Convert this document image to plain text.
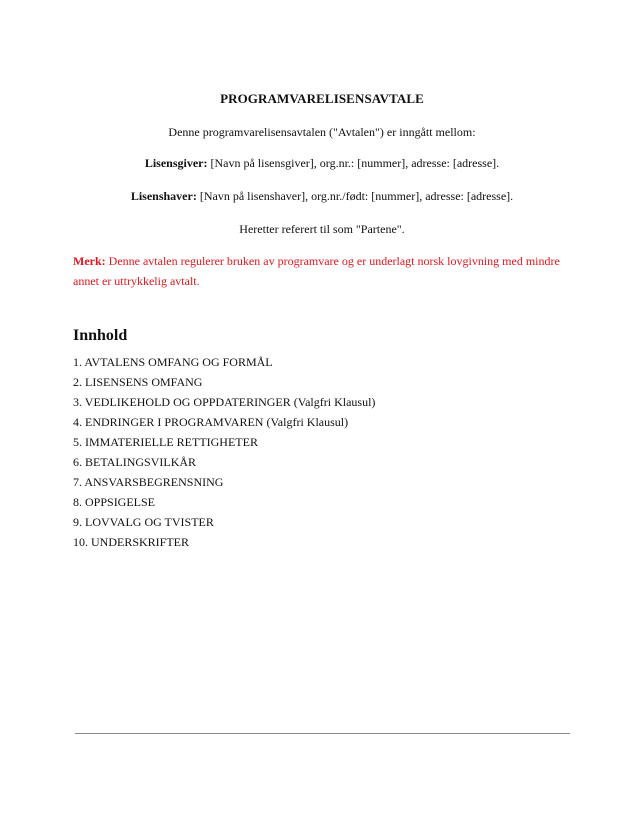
PROGRAMVARELISENSAVTALE
Denne programvarelisensavtalen ("Avtalen") er inngått mellom:
Lisensgiver: [Navn på lisensgiver], org.nr.: [nummer], adresse: [adresse].
Lisenshaver: [Navn på lisenshaver], org.nr./født: [nummer], adresse: [adresse].
Heretter referert til som "Partene".
Merk: Denne avtalen regulerer bruken av programvare og er underlagt norsk lovgivning med mindre annet er uttrykkelig avtalt.
Innhold
1. AVTALENS OMFANG OG FORMÅL
2. LISENSENS OMFANG
3. VEDLIKEHOLD OG OPPDATERINGER (Valgfri Klausul)
4. ENDRINGER I PROGRAMVAREN (Valgfri Klausul)
5. IMMATERIELLE RETTIGHETER
6. BETALINGSVILKÅR
7. ANSVARSBEGRENSNING
8. OPPSIGELSE
9. LOVVALG OG TVISTER
10. UNDERSKRIFTER
